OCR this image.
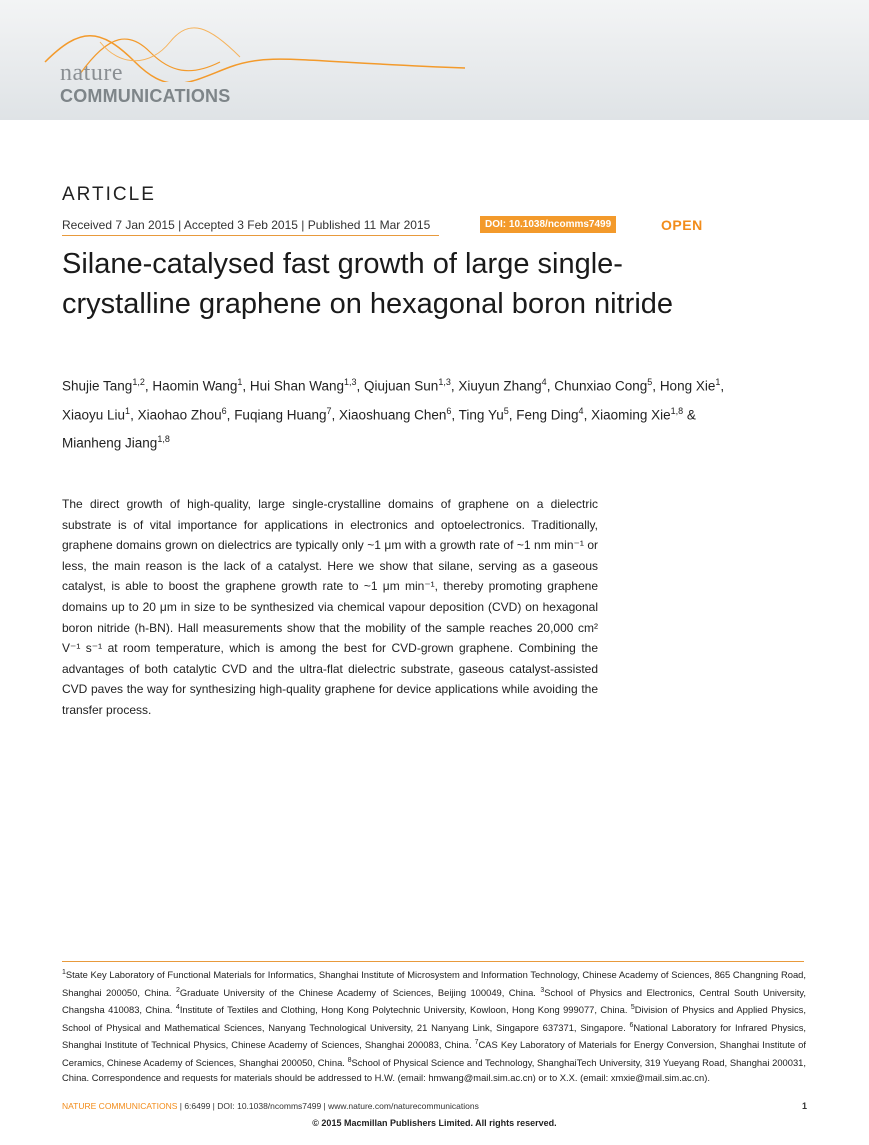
nature
COMMUNICATIONS
ARTICLE
Received 7 Jan 2015 | Accepted 3 Feb 2015 | Published 11 Mar 2015	DOI: 10.1038/ncomms7499	OPEN
Silane-catalysed fast growth of large single-crystalline graphene on hexagonal boron nitride
Shujie Tang$^{1,2}$, Haomin Wang$^1$, Hui Shan Wang$^{1,3}$, Qiujuan Sun$^{1,3}$, Xiuyun Zhang$^4$, Chunxiao Cong$^5$, Hong Xie$^1$, Xiaoyu Liu$^1$, Xiaohao Zhou$^6$, Fuqiang Huang$^7$, Xiaoshuang Chen$^6$, Ting Yu$^5$, Feng Ding$^4$, Xiaoming Xie$^{1,8}$ & Mianheng Jiang$^{1,8}$

The direct growth of high-quality, large single-crystalline domains of graphene on a dielectric substrate is of vital importance for applications in electronics and optoelectronics. Traditionally, graphene domains grown on dielectrics are typically only ~1 μm with a growth rate of ~1 nm min⁻¹ or less, the main reason is the lack of a catalyst. Here we show that silane, serving as a gaseous catalyst, is able to boost the graphene growth rate to ~1 μm min⁻¹, thereby promoting graphene domains up to 20 μm in size to be synthesized via chemical vapour deposition (CVD) on hexagonal boron nitride (h-BN). Hall measurements show that the mobility of the sample reaches 20,000 cm² V⁻¹ s⁻¹ at room temperature, which is among the best for CVD-grown graphene. Combining the advantages of both catalytic CVD and the ultra-flat dielectric substrate, gaseous catalyst-assisted CVD paves the way for synthesizing high-quality graphene for device applications while avoiding the transfer process.

$^1$State Key Laboratory of Functional Materials for Informatics, Shanghai Institute of Microsystem and Information Technology, Chinese Academy of Sciences, 865 Changning Road, Shanghai 200050, China. $^2$Graduate University of the Chinese Academy of Sciences, Beijing 100049, China. $^3$School of Physics and Electronics, Central South University, Changsha 410083, China. $^4$Institute of Textiles and Clothing, Hong Kong Polytechnic University, Kowloon, Hong Kong 999077, China. $^5$Division of Physics and Applied Physics, School of Physical and Mathematical Sciences, Nanyang Technological University, 21 Nanyang Link, Singapore 637371, Singapore. $^6$National Laboratory for Infrared Physics, Shanghai Institute of Technical Physics, Chinese Academy of Sciences, Shanghai 200083, China. $^7$CAS Key Laboratory of Materials for Energy Conversion, Shanghai Institute of Ceramics, Chinese Academy of Sciences, Shanghai 200050, China. $^8$School of Physical Science and Technology, ShanghaiTech University, 319 Yueyang Road, Shanghai 200031, China. Correspondence and requests for materials should be addressed to H.W. (email: hmwang@mail.sim.ac.cn) or to X.X. (email: xmxie@mail.sim.ac.cn).

NATURE COMMUNICATIONS | 6:6499 | DOI: 10.1038/ncomms7499 | www.nature.com/naturecommunications	1
© 2015 Macmillan Publishers Limited. All rights reserved.
